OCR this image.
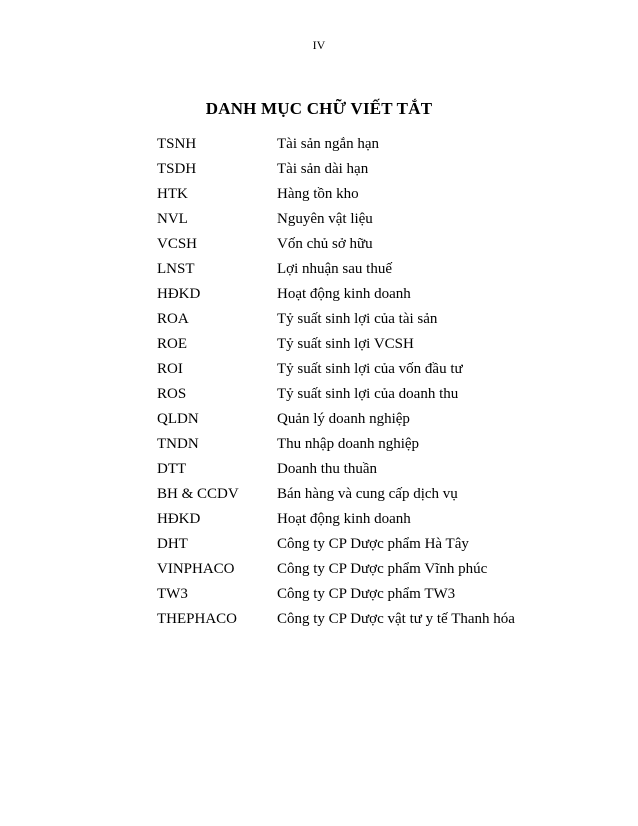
IV
DANH MỤC CHỮ VIẾT TẮT
TSNH	Tài sản ngắn hạn
TSDH	Tài sản dài hạn
HTK	Hàng tồn kho
NVL	Nguyên vật liệu
VCSH	Vốn chủ sở hữu
LNST	Lợi nhuận sau thuế
HĐKD	Hoạt động kinh doanh
ROA	Tỷ suất sinh lợi của tài sản
ROE	Tỷ suất sinh lợi VCSH
ROI	Tỷ suất sinh lợi của vốn đầu tư
ROS	Tỷ suất sinh lợi của doanh thu
QLDN	Quản lý doanh nghiệp
TNDN	Thu nhập doanh nghiệp
DTT	Doanh thu thuần
BH & CCDV	Bán hàng và cung cấp dịch vụ
HĐKD	Hoạt động kinh doanh
DHT	Công ty CP Dược phẩm Hà Tây
VINPHACO	Công ty CP Dược phẩm Vĩnh phúc
TW3	Công ty CP Dược phẩm TW3
THEPHACO	Công ty CP Dược vật tư y tế Thanh hóa
